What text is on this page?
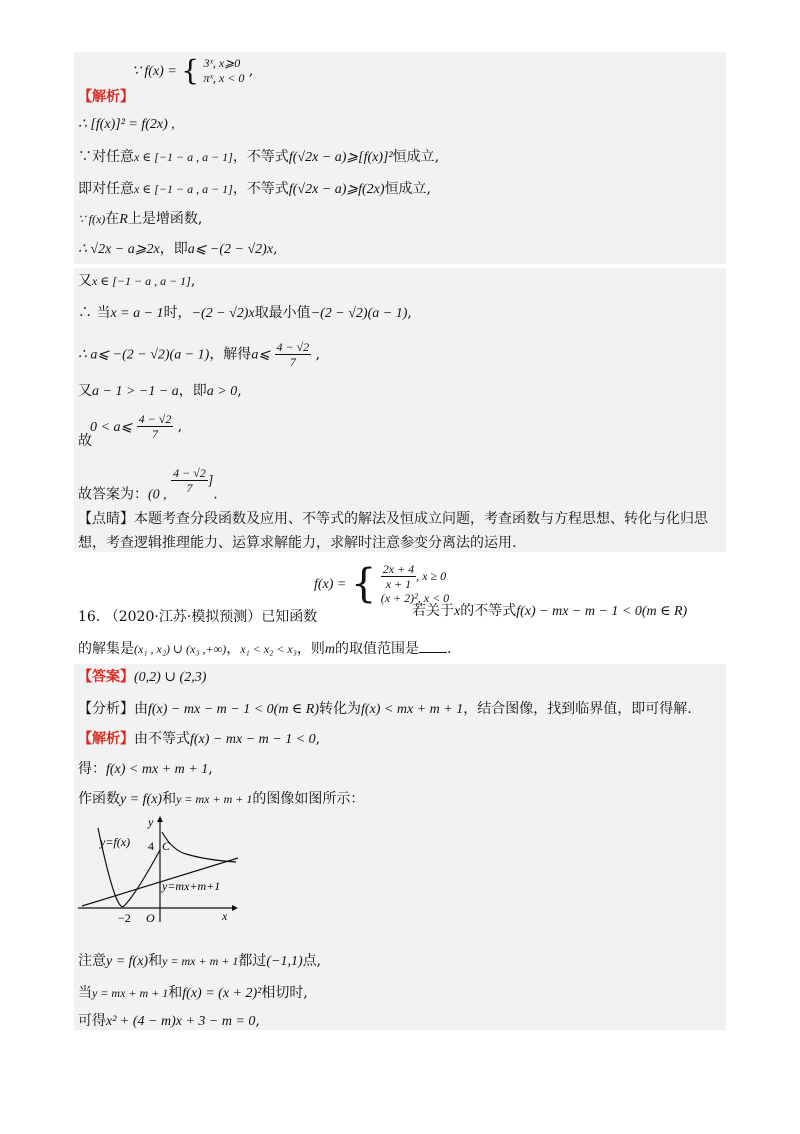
∵ f(x) = { 3ˣ, x⩾0
πˣ, x < 0 ,
【解析】
∴ [f(x)]² = f(2x) ,
∵对任意x ∈ [−1 − a , a − 1]，不等式f(√2x − a)⩾[f(x)]²恒成立,
即对任意x ∈ [−1 − a , a − 1]，不等式f(√2x − a)⩾f(2x)恒成立,
∵ f(x)在R上是增函数,
∴ √2x − a⩾2x，即a⩽ −(2 − √2)x,
又x ∈ [−1 − a , a − 1],
∴ 当x = a − 1时，−(2 − √2)x取最小值−(2 − √2)(a − 1),
∴ a⩽ −(2 − √2)(a − 1)，解得a⩽ $\frac{4 - √2}{7}$ ,
又a − 1 > −1 − a，即a > 0,
0 < a⩽ $\frac{4 - √2}{7}$ ,
故
故答案为：(0 , $\frac{4 - √2}{7}$ ].
【点睛】本题考查分段函数及应用、不等式的解法及恒成立问题，考查函数与方程思想、转化与化归思
想，考查逻辑推理能力、运算求解能力，求解时注意参变分离法的运用.
f(x) = { $\frac{2x + 4}{x + 1}$ , x ≥ 0
(x + 2)², x < 0
16. （2020·江苏·模拟预测）已知函数	若关于x的不等式f(x) − mx − m − 1 < 0(m ∈ R)
的解集是(x₁ , x₂) ∪ (x₃ ,+∞)，x₁ < x₂ < x₃，则m的取值范围是 .
【答案】(0,2) ∪ (2,3)
【分析】由f(x) − mx − m − 1 < 0(m ∈ R)转化为f(x) < mx + m + 1，结合图像，找到临界值，即可得解.
【解析】由不等式f(x) − mx − m − 1 < 0,
得：f(x) < mx + m + 1,
作函数y = f(x)和y = mx + m + 1的图像如图所示：
x
y
y=f(x) 4 C
y=mx+m+1
−2 O
注意y = f(x)和y = mx + m + 1都过(−1,1)点,
当y = mx + m + 1和f(x) = (x + 2)²相切时,
可得x² + (4 − m)x + 3 − m = 0,
